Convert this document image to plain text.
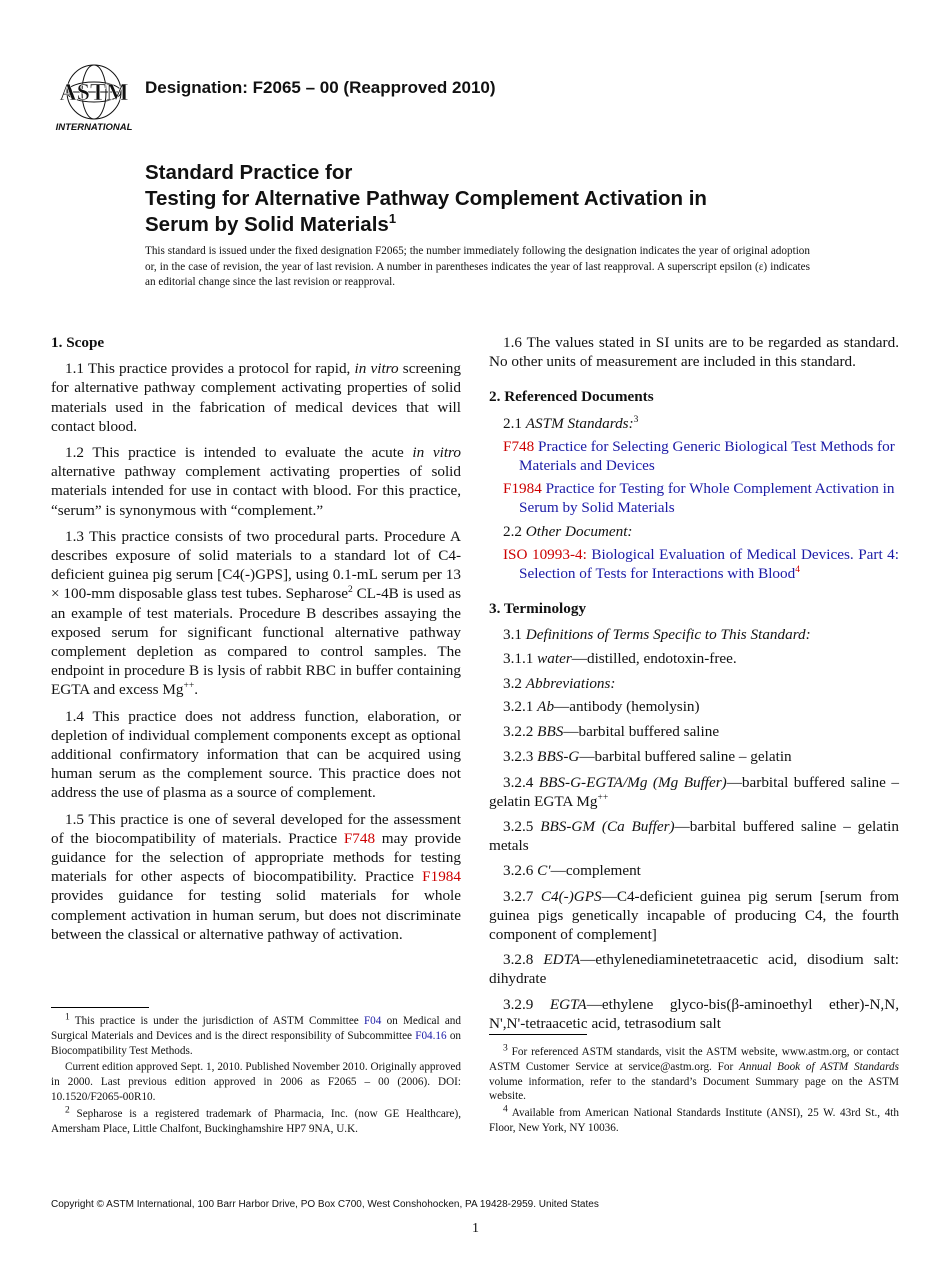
ASTM
INTERNATIONAL
Designation: F2065 – 00 (Reapproved 2010)
Standard Practice for
Testing for Alternative Pathway Complement Activation in
Serum by Solid Materials$^1$
This standard is issued under the fixed designation F2065; the number immediately following the designation indicates the year of original adoption or, in the case of revision, the year of last revision. A number in parentheses indicates the year of last reapproval. A superscript epsilon (ε) indicates an editorial change since the last revision or reapproval.
1. Scope

1.1 This practice provides a protocol for rapid, in vitro screening for alternative pathway complement activating properties of solid materials used in the fabrication of medical devices that will contact blood.

1.2 This practice is intended to evaluate the acute in vitro alternative pathway complement activating properties of solid materials intended for use in contact with blood. For this practice, “serum” is synonymous with “complement.”

1.3 This practice consists of two procedural parts. Procedure A describes exposure of solid materials to a standard lot of C4-deficient guinea pig serum [C4(-)GPS], using 0.1-mL serum per 13 × 100-mm disposable glass test tubes. Sepharose$^2$ CL-4B is used as an example of test materials. Procedure B describes assaying the exposed serum for significant functional alternative pathway complement depletion as compared to control samples. The endpoint in procedure B is lysis of rabbit RBC in buffer containing EGTA and excess Mg++.

1.4 This practice does not address function, elaboration, or depletion of individual complement components except as optional additional confirmatory information that can be acquired using human serum as the complement source. This practice does not address the use of plasma as a source of complement.

1.5 This practice is one of several developed for the assessment of the biocompatibility of materials. Practice F748 may provide guidance for the selection of appropriate methods for testing materials for other aspects of biocompatibility. Practice F1984 provides guidance for testing solid materials for whole complement activation in human serum, but does not discriminate between the classical or alternative pathway of activation.

$^1$ This practice is under the jurisdiction of ASTM Committee F04 on Medical and Surgical Materials and Devices and is the direct responsibility of Subcommittee F04.16 on Biocompatibility Test Methods.

Current edition approved Sept. 1, 2010. Published November 2010. Originally approved in 2000. Last previous edition approved in 2006 as F2065 – 00 (2006). DOI: 10.1520/F2065-00R10.

$^2$ Sepharose is a registered trademark of Pharmacia, Inc. (now GE Healthcare), Amersham Place, Little Chalfont, Buckinghamshire HP7 9NA, U.K.

1.6 The values stated in SI units are to be regarded as standard. No other units of measurement are included in this standard.

2. Referenced Documents
2.1 ASTM Standards:$^3$
F748 Practice for Selecting Generic Biological Test Methods for Materials and Devices
F1984 Practice for Testing for Whole Complement Activation in Serum by Solid Materials
2.2 Other Document:
ISO 10993-4: Biological Evaluation of Medical Devices. Part 4: Selection of Tests for Interactions with Blood$^4$
3. Terminology
3.1 Definitions of Terms Specific to This Standard:
3.1.1 water—distilled, endotoxin-free.
3.2 Abbreviations:
3.2.1 Ab—antibody (hemolysin)
3.2.2 BBS—barbital buffered saline
3.2.3 BBS-G—barbital buffered saline – gelatin
3.2.4 BBS-G-EGTA/Mg (Mg Buffer)—barbital buffered saline – gelatin EGTA Mg++
3.2.5 BBS-GM (Ca Buffer)—barbital buffered saline – gelatin metals
3.2.6 C′—complement
3.2.7 C4(-)GPS—C4-deficient guinea pig serum [serum from guinea pigs genetically incapable of producing C4, the fourth component of complement]
3.2.8 EDTA—ethylenediaminetetraacetic acid, disodium salt: dihydrate
3.2.9 EGTA—ethylene glyco-bis(β-aminoethyl ether)-N,N, N',N'-tetraacetic acid, tetrasodium salt

$^3$ For referenced ASTM standards, visit the ASTM website, www.astm.org, or contact ASTM Customer Service at service@astm.org. For Annual Book of ASTM Standards volume information, refer to the standard’s Document Summary page on the ASTM website.

$^4$ Available from American National Standards Institute (ANSI), 25 W. 43rd St., 4th Floor, New York, NY 10036.

Copyright © ASTM International, 100 Barr Harbor Drive, PO Box C700, West Conshohocken, PA 19428-2959. United States
1
